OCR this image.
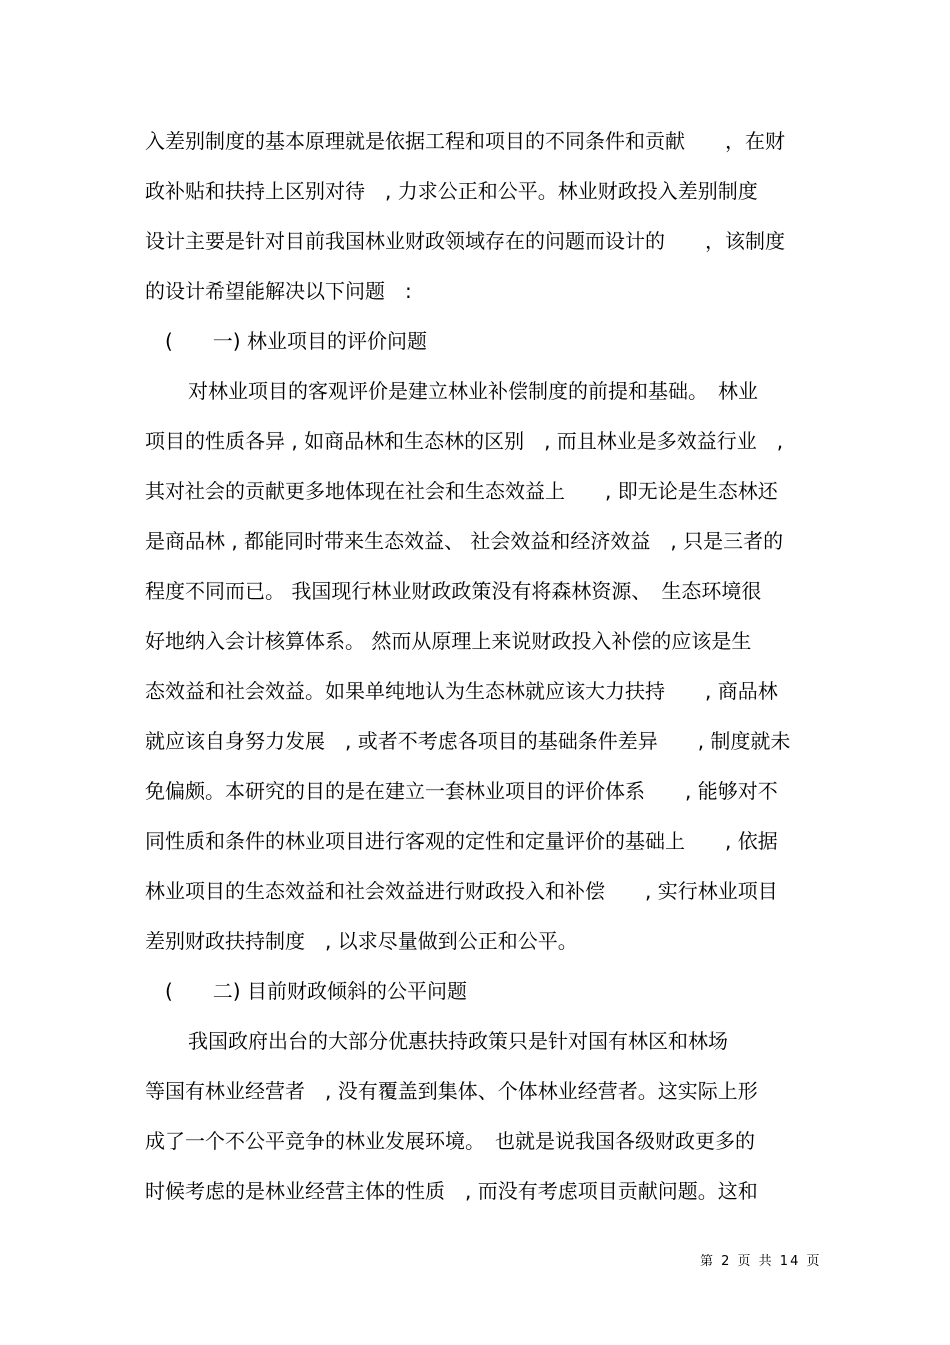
入差别制度的基本原理就是依据工程和项目的不同条件和贡献　　，在财
政补贴和扶持上区别对待　, 力求公正和公平。林业财政投入差别制度
设计主要是针对目前我国林业财政领域存在的问题而设计的　　，该制度
的设计希望能解决以下问题　:
(　　一) 林业项目的评价问题
对林业项目的客观评价是建立林业补偿制度的前提和基础。　林业
项目的性质各异 , 如商品林和生态林的区别　, 而且林业是多效益行业　,
其对社会的贡献更多地体现在社会和生态效益上　　, 即无论是生态林还
是商品林 , 都能同时带来生态效益、 社会效益和经济效益　, 只是三者的
程度不同而已。 我国现行林业财政政策没有将森林资源、　生态环境很
好地纳入会计核算体系。 然而从原理上来说财政投入补偿的应该是生
态效益和社会效益。如果单纯地认为生态林就应该大力扶持　　, 商品林
就应该自身努力发展　, 或者不考虑各项目的基础条件差异　　, 制度就未
免偏颇。本研究的目的是在建立一套林业项目的评价体系　　, 能够对不
同性质和条件的林业项目进行客观的定性和定量评价的基础上　　, 依据
林业项目的生态效益和社会效益进行财政投入和补偿　　, 实行林业项目
差别财政扶持制度　, 以求尽量做到公正和公平。
(　　二) 目前财政倾斜的公平问题
我国政府出台的大部分优惠扶持政策只是针对国有林区和林场
等国有林业经营者　, 没有覆盖到集体、个体林业经营者。这实际上形
成了一个不公平竞争的林业发展环境。　也就是说我国各级财政更多的
时候考虑的是林业经营主体的性质　, 而没有考虑项目贡献问题。这和
第 2 页 共 14 页
